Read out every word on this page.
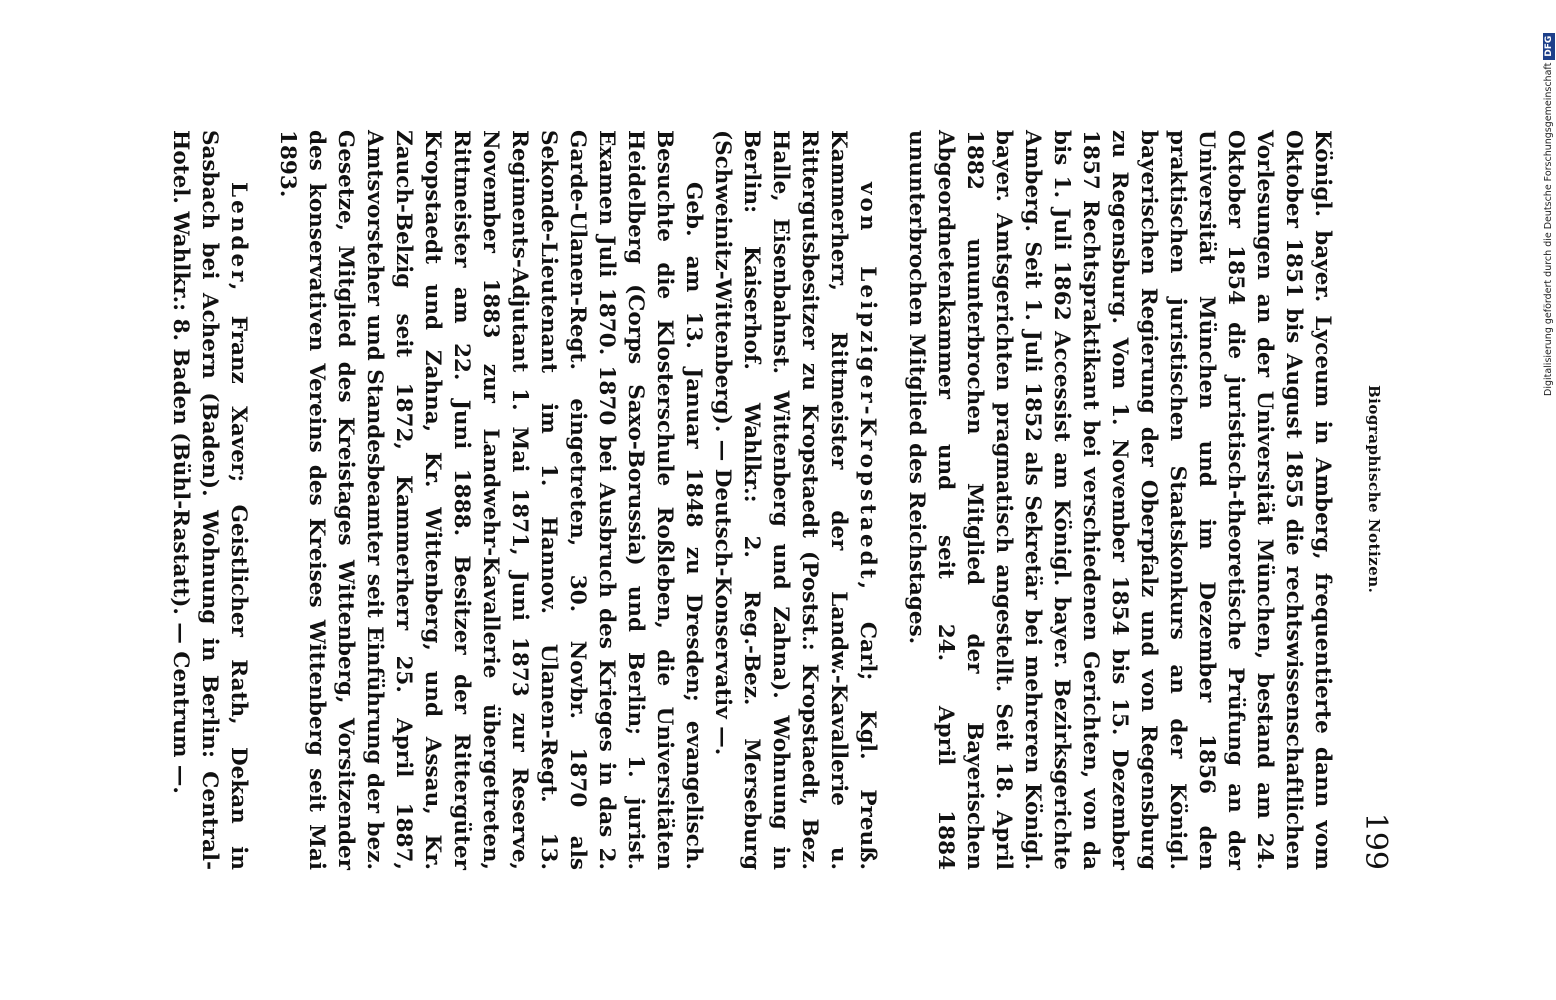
Biographische Notizen.
199

Königl. bayer. Lyceum in Amberg, frequentierte dann vom Oktober 1851 bis August 1855 die rechtswissenschaftlichen Vorlesungen an der Universität München, bestand am 24. Oktober 1854 die juristisch-theoretische Prüfung an der Universität München und im Dezember 1856 den praktischen juristischen Staatskonkurs an der Königl. bayerischen Regierung der Oberpfalz und von Regensburg zu Regensburg. Vom 1. November 1854 bis 15. Dezember 1857 Rechtspraktikant bei verschiedenen Gerichten, von da bis 1. Juli 1862 Accessist am Königl. bayer. Bezirksgerichte Amberg. Seit 1. Juli 1852 als Sekretär bei mehreren Königl. bayer. Amtsgerichten pragmatisch angestellt. Seit 18. April 1882 ununterbrochen Mitglied der Bayerischen Abgeordnetenkammer und seit 24. April 1884 ununterbrochen Mitglied des Reichstages.

von Leipziger-Kropstaedt, Carl; Kgl. Preuß. Kammerherr, Rittmeister der Landw.-Kavallerie u. Rittergutsbesitzer zu Kropstaedt (Postst.: Kropstaedt, Bez. Halle, Eisenbahnst. Wittenberg und Zahna). Wohnung in Berlin: Kaiserhof. Wahlkr.: 2. Reg.-Bez. Merseburg (Schweinitz-Wittenberg). — Deutsch-Konservativ —.
Geb. am 13. Januar 1848 zu Dresden; evangelisch. Besuchte die Klosterschule Roßleben, die Universitäten Heidelberg (Corps Saxo-Borussia) und Berlin; 1. jurist. Examen Juli 1870. 1870 bei Ausbruch des Krieges in das 2. Garde-Ulanen-Regt. eingetreten, 30. Novbr. 1870 als Sekonde-Lieutenant im 1. Hannov. Ulanen-Regt. 13. Regiments-Adjutant 1. Mai 1871, Juni 1873 zur Reserve, November 1883 zur Landwehr-Kavallerie übergetreten, Rittmeister am 22. Juni 1888. Besitzer der Rittergüter Kropstaedt und Zahna, Kr. Wittenberg, und Assau, Kr. Zauch-Belzig seit 1872, Kammerherr 25. April 1887, Amtsvorsteher und Standesbeamter seit Einführung der bez. Gesetze, Mitglied des Kreistages Wittenberg, Vorsitzender des konservativen Vereins des Kreises Wittenberg seit Mai 1893.

Lender, Franz Xaver; Geistlicher Rath, Dekan in Sasbach bei Achern (Baden). Wohnung in Berlin: Central-Hotel. Wahlkr.: 8. Baden (Bühl-Rastatt). — Centrum —.	Digitalisierung gefördert durch die Deutsche ForschungsgemeinschaftDFG
